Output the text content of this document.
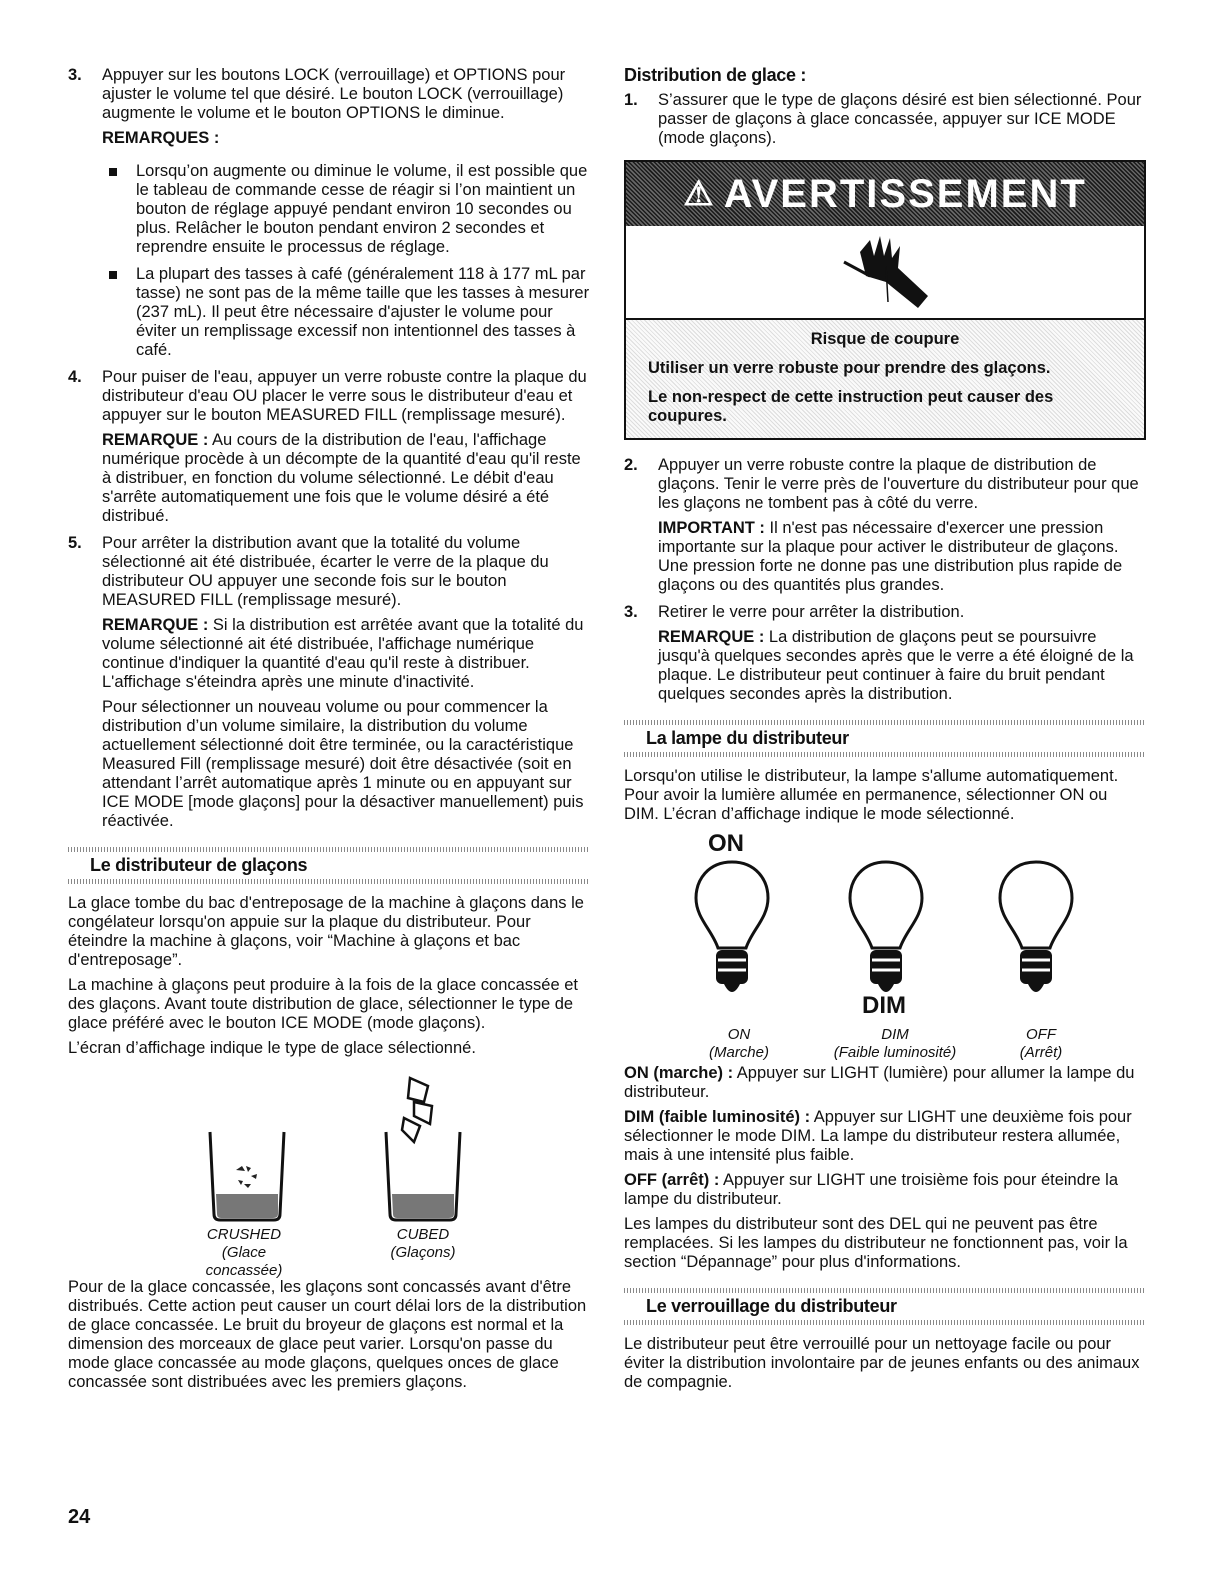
3. Appuyer sur les boutons LOCK (verrouillage) et OPTIONS pour ajuster le volume tel que désiré. Le bouton LOCK (verrouillage) augmente le volume et le bouton OPTIONS le diminue.

REMARQUES :
Lorsqu’on augmente ou diminue le volume, il est possible que le tableau de commande cesse de réagir si l’on maintient un bouton de réglage appuyé pendant environ 10 secondes ou plus. Relâcher le bouton pendant environ 2 secondes et reprendre ensuite le processus de réglage.
La plupart des tasses à café (généralement 118 à 177 mL par tasse) ne sont pas de la même taille que les tasses à mesurer (237 mL). Il peut être nécessaire d'ajuster le volume pour éviter un remplissage excessif non intentionnel des tasses à café.
4. Pour puiser de l'eau, appuyer un verre robuste contre la plaque du distributeur d'eau OU placer le verre sous le distributeur d'eau et appuyer sur le bouton MEASURED FILL (remplissage mesuré).

REMARQUE : Au cours de la distribution de l'eau, l'affichage numérique procède à un décompte de la quantité d'eau qu'il reste à distribuer, en fonction du volume sélectionné. Le débit d'eau s'arrête automatiquement une fois que le volume désiré a été distribué.

5. Pour arrêter la distribution avant que la totalité du volume sélectionné ait été distribuée, écarter le verre de la plaque du distributeur OU appuyer une seconde fois sur le bouton MEASURED FILL (remplissage mesuré).

REMARQUE : Si la distribution est arrêtée avant que la totalité du volume sélectionné ait été distribuée, l'affichage numérique continue d'indiquer la quantité d'eau qu'il reste à distribuer. L'affichage s'éteindra après une minute d'inactivité.

Pour sélectionner un nouveau volume ou pour commencer la distribution d’un volume similaire, la distribution du volume actuellement sélectionné doit être terminée, ou la caractéristique Measured Fill (remplissage mesuré) doit être désactivée (soit en attendant l’arrêt automatique après 1 minute ou en appuyant sur ICE MODE [mode glaçons] pour la désactiver manuellement) puis réactivée.

Le distributeur de glaçons

La glace tombe du bac d'entreposage de la machine à glaçons dans le congélateur lorsqu'on appuie sur la plaque du distributeur. Pour éteindre la machine à glaçons, voir “Machine à glaçons et bac d'entreposage”.

La machine à glaçons peut produire à la fois de la glace concassée et des glaçons. Avant toute distribution de glace, sélectionner le type de glace préféré avec le bouton ICE MODE (mode glaçons).

L’écran d’affichage indique le type de glace sélectionné.

CRUSHED
(Glace concassée)
CUBED
(Glaçons)

Pour de la glace concassée, les glaçons sont concassés avant d'être distribués. Cette action peut causer un court délai lors de la distribution de glace concassée. Le bruit du broyeur de glaçons est normal et la dimension des morceaux de glace peut varier. Lorsqu'on passe du mode glace concassée au mode glaçons, quelques onces de glace concassée sont distribuées avec les premiers glaçons.

Distribution de glace :
1. S’assurer que le type de glaçons désiré est bien sélectionné. Pour passer de glaçons à glace concassée, appuyer sur ICE MODE (mode glaçons).

⚠ AVERTISSEMENT
Risque de coupure

Utiliser un verre robuste pour prendre des glaçons.

Le non-respect de cette instruction peut causer des coupures.

2. Appuyer un verre robuste contre la plaque de distribution de glaçons. Tenir le verre près de l'ouverture du distributeur pour que les glaçons ne tombent pas à côté du verre.

IMPORTANT : Il n'est pas nécessaire d'exercer une pression importante sur la plaque pour activer le distributeur de glaçons. Une pression forte ne donne pas une distribution plus rapide de glaçons ou des quantités plus grandes.

3. Retirer le verre pour arrêter la distribution.

REMARQUE : La distribution de glaçons peut se poursuivre jusqu'à quelques secondes après que le verre a été éloigné de la plaque. Le distributeur peut continuer à faire du bruit pendant quelques secondes après la distribution.

La lampe du distributeur

Lorsqu'on utilise le distributeur, la lampe s'allume automatiquement. Pour avoir la lumière allumée en permanence, sélectionner ON ou DIM. L’écran d’affichage indique le mode sélectionné.

ON
DIM
ON
(Marche)
DIM
(Faible luminosité)
OFF
(Arrêt)

ON (marche) : Appuyer sur LIGHT (lumière) pour allumer la lampe du distributeur.

DIM (faible luminosité) : Appuyer sur LIGHT une deuxième fois pour sélectionner le mode DIM. La lampe du distributeur restera allumée, mais à une intensité plus faible.

OFF (arrêt) : Appuyer sur LIGHT une troisième fois pour éteindre la lampe du distributeur.

Les lampes du distributeur sont des DEL qui ne peuvent pas être remplacées. Si les lampes du distributeur ne fonctionnent pas, voir la section “Dépannage” pour plus d'informations.

Le verrouillage du distributeur

Le distributeur peut être verrouillé pour un nettoyage facile ou pour éviter la distribution involontaire par de jeunes enfants ou des animaux de compagnie.

24
